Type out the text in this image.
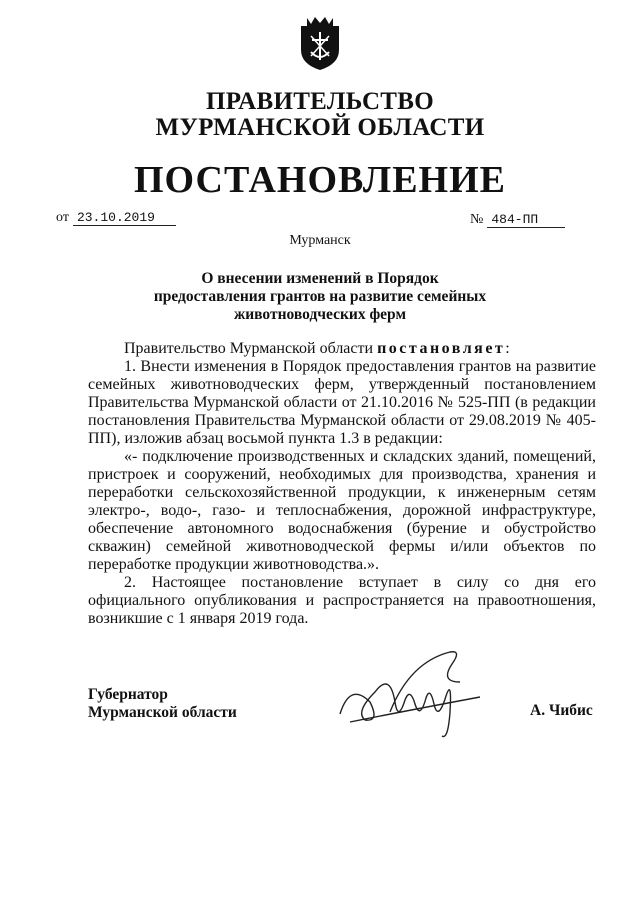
ПРАВИТЕЛЬСТВО
МУРМАНСКОЙ ОБЛАСТИ
ПОСТАНОВЛЕНИЕ
от 23.10.2019	№ 484-ПП
Мурманск
О внесении изменений в Порядок
предоставления грантов на развитие семейных
животноводческих ферм

Правительство Мурманской области постановляет:

1. Внести изменения в Порядок предоставления грантов на развитие семейных животноводческих ферм, утвержденный постановлением Правительства Мурманской области от 21.10.2016 № 525-ПП (в редакции постановления Правительства Мурманской области от 29.08.2019 № 405-ПП), изложив абзац восьмой пункта 1.3 в редакции:

«- подключение производственных и складских зданий, помещений, пристроек и сооружений, необходимых для производства, хранения и переработки сельскохозяйственной продукции, к инженерным сетям электро-, водо-, газо- и теплоснабжения, дорожной инфраструктуре, обеспечение автономного водоснабжения (бурение и обустройство скважин) семейной животноводческой фермы и/или объектов по переработке продукции животноводства.».

2. Настоящее постановление вступает в силу со дня его официального опубликования и распространяется на правоотношения, возникшие с 1 января 2019 года.

Губернатор
Мурманской области	А. Чибис
